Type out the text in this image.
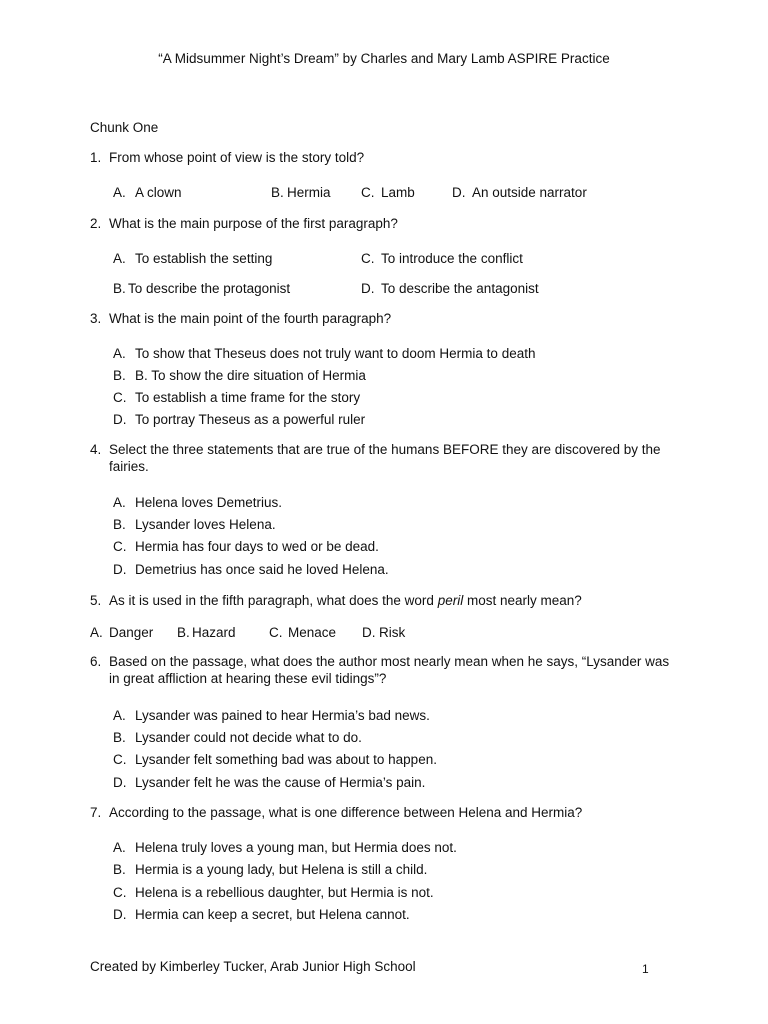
“A Midsummer Night’s Dream” by Charles and Mary Lamb ASPIRE Practice
Chunk One
1. From whose point of view is the story told?
A. A clown	B. Hermia C. Lamb	D. An outside narrator
2. What is the main purpose of the first paragraph?
A. To establish the setting	C. To introduce the conflict
B. To describe the protagonist	D. To describe the antagonist
3. What is the main point of the fourth paragraph?
A. To show that Theseus does not truly want to doom Hermia to death
B. B. To show the dire situation of Hermia
C. To establish a time frame for the story
D. To portray Theseus as a powerful ruler
4. Select the three statements that are true of the humans BEFORE they are discovered by the
fairies.
A. Helena loves Demetrius.
B. Lysander loves Helena.
C. Hermia has four days to wed or be dead.
D. Demetrius has once said he loved Helena.
5. As it is used in the fifth paragraph, what does the word peril most nearly mean?
A. Danger B. Hazard C. Menace D. Risk
6. Based on the passage, what does the author most nearly mean when he says, “Lysander was
in great affliction at hearing these evil tidings”?
A. Lysander was pained to hear Hermia’s bad news.
B. Lysander could not decide what to do.
C. Lysander felt something bad was about to happen.
D. Lysander felt he was the cause of Hermia’s pain.
7. According to the passage, what is one difference between Helena and Hermia?
A. Helena truly loves a young man, but Hermia does not.
B. Hermia is a young lady, but Helena is still a child.
C. Helena is a rebellious daughter, but Hermia is not.
D. Hermia can keep a secret, but Helena cannot.
Created by Kimberley Tucker, Arab Junior High School	1
